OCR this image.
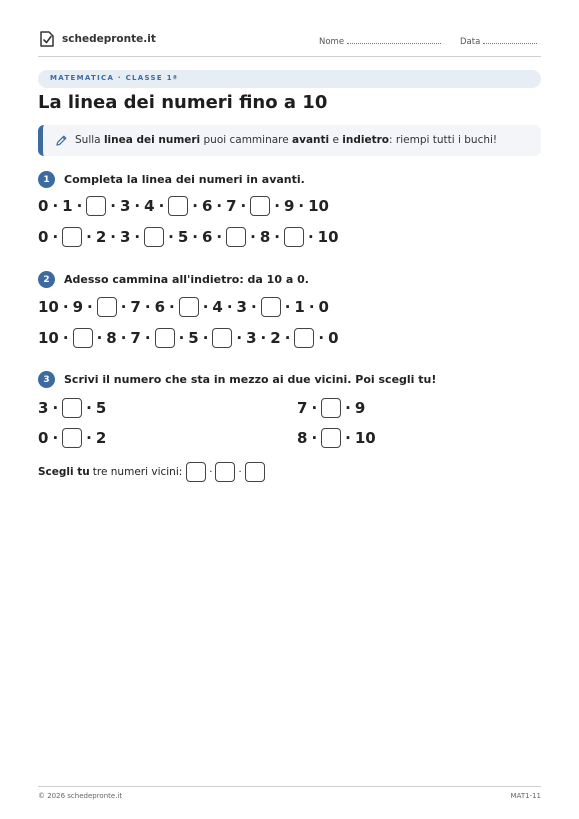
schedepronte.it	Nome	Data
MATEMATICA · CLASSE 1ª
La linea dei numeri fino a 10
Sulla linea dei numeri puoi camminare avanti e indietro: riempi tutti i buchi!
1	Completa la linea dei numeri in avanti.
0 · 1 · · 3 · 4 · · 6 · 7 · · 9 · 10
0 · · 2 · 3 · · 5 · 6 · · 8 · · 10
2	Adesso cammina all'indietro: da 10 a 0.
10 · 9 · · 7 · 6 · · 4 · 3 · · 1 · 0
10 · · 8 · 7 · · 5 · · 3 · 2 · · 0
3	Scrivi il numero che sta in mezzo ai due vicini. Poi scegli tu!
3 · · 5	7 · · 9
0 · · 2	8 · · 10
Scegli tu tre numeri vicini:	·	·
© 2026 schedepronte.it	MAT1-11
